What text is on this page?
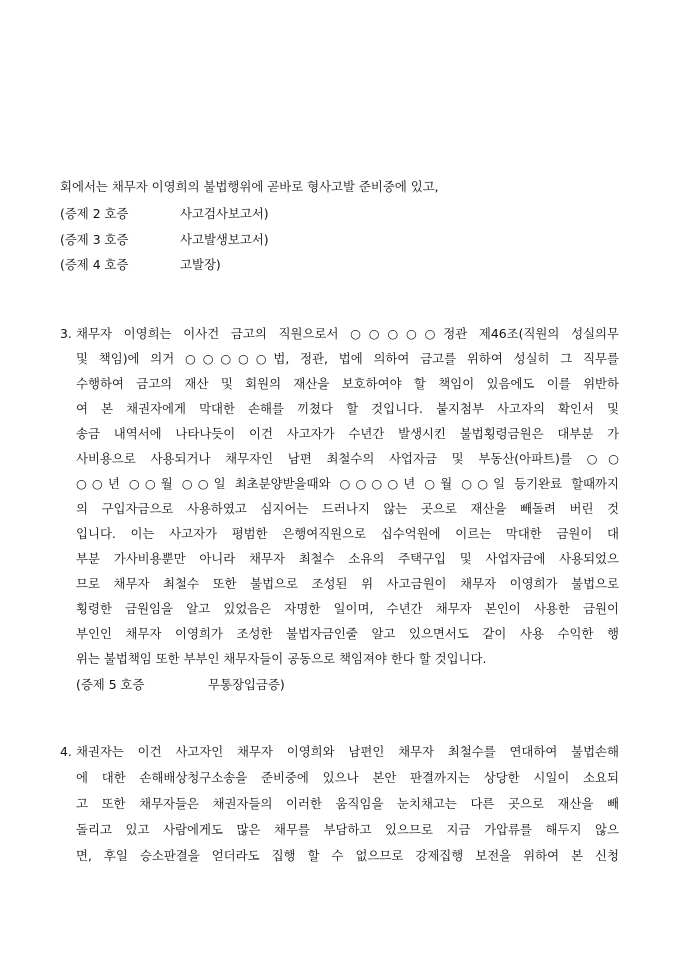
회에서는 채무자 이영희의 불법행위에 곧바로 형사고발 준비중에 있고,
(증제 2 호증	사고검사보고서)
(증제 3 호증	사고발생보고서)
(증제 4 호증	고발장)
3. 채무자 이영희는 이사건 금고의 직원으로서 ○○○○○정관 제46조(직원의 성실의무
및 책임)에 의거 ○○○○○법, 정관, 법에 의하여 금고를 위하여 성실히 그 직무를
수행하여 금고의 재산 및 회원의 재산을 보호하여야 할 책임이 있음에도 이를 위반하
여 본 채권자에게 막대한 손해를 끼쳤다 할 것입니다. 붙지첨부 사고자의 확인서 및
송금 내역서에 나타나듯이 이건 사고자가 수년간 발생시킨 불법횡령금원은 대부분 가
사비용으로 사용되거나 채무자인 남편 최철수의 사업자금 및 부동산(아파트)를 ○○
○○년 ○○월 ○○일 최초분양받을때와 ○○○○년 ○월 ○○일 등기완료 할때까지
의 구입자금으로 사용하였고 심지어는 드러나지 않는 곳으로 재산을 빼돌려 버린 것
입니다. 이는 사고자가 평범한 은행여직원으로 십수억원에 이르는 막대한 금원이 대
부분 가사비용뿐만 아니라 채무자 최철수 소유의 주택구입 및 사업자금에 사용되었으
므로 채무자 최철수 또한 불법으로 조성된 위 사고금원이 채무자 이영희가 불법으로
횡령한 금원임을 알고 있었음은 자명한 일이며, 수년간 채무자 본인이 사용한 금원이
부인인 채무자 이영희가 조성한 불법자금인줄 알고 있으면서도 같이 사용 수익한 행
위는 불법책임 또한 부부인 채무자들이 공동으로 책임져야 한다 할 것입니다.
(증제 5 호증	무통장입금증)
4. 채권자는 이건 사고자인 채무자 이영희와 남편인 채무자 최철수를 연대하여 불법손해
에 대한 손해배상청구소송을 준비중에 있으나 본안 판결까지는 상당한 시일이 소요되
고 또한 채무자들은 채권자들의 이러한 움직임을 눈치채고는 다른 곳으로 재산을 빼
돌리고 있고 사람에게도 많은 채무를 부담하고 있으므로 지금 가압류를 해두지 않으
면, 후일 승소판결을 얻더라도 집행 할 수 없으므로 강제집행 보전을 위하여 본 신청
